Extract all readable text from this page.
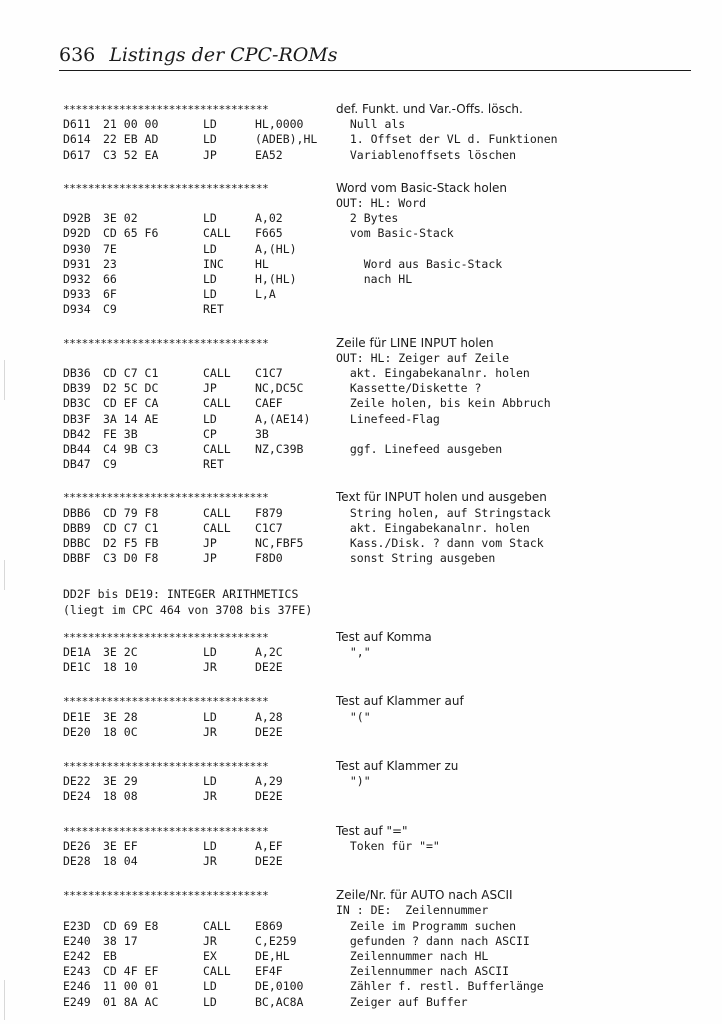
636 Listings der CPC-ROMs
*********************************	def. Funkt. und Var.-Offs. lösch.
D611 21 00 00	LD	HL,0000	Null als
D614 22 EB AD	LD	(ADEB),HL 1. Offset der VL d. Funktionen
D617 C3 52 EA	JP	EA52	Variablenoffsets löschen
*********************************	Word vom Basic-Stack holen
OUT: HL: Word
D92B 3E 02	LD	A,02	2 Bytes
D92D CD 65 F6	CALL F665	vom Basic-Stack
D930 7E	LD	A,(HL)
D931 23	INC	HL	Word aus Basic-Stack
D932 66	LD	H,(HL)	nach HL
D933 6F	LD	L,A
D934 C9	RET
*********************************	Zeile für LINE INPUT holen
OUT: HL: Zeiger auf Zeile
DB36 CD C7 C1	CALL C1C7	akt. Eingabekanalnr. holen
DB39 D2 5C DC	JP	NC,DC5C	Kassette/Diskette ?
DB3C CD EF CA	CALL CAEF	Zeile holen, bis kein Abbruch
DB3F 3A 14 AE	LD	A,(AE14) Linefeed-Flag
DB42 FE 3B	CP	3B
DB44 C4 9B C3	CALL NZ,C39B	ggf. Linefeed ausgeben
DB47 C9	RET
*********************************	Text für INPUT holen und ausgeben
DBB6 CD 79 F8	CALL F879	String holen, auf Stringstack
DBB9 CD C7 C1	CALL C1C7	akt. Eingabekanalnr. holen
DBBC D2 F5 FB	JP	NC,FBF5	Kass./Disk. ? dann vom Stack
DBBF C3 D0 F8	JP	F8D0	sonst String ausgeben
DD2F bis DE19: INTEGER ARITHMETICS
(liegt im CPC 464 von 3708 bis 37FE)
*********************************	Test auf Komma
DE1A 3E 2C	LD	A,2C	","
DE1C 18 10	JR	DE2E
*********************************	Test auf Klammer auf
DE1E 3E 28	LD	A,28	"("
DE20 18 0C	JR	DE2E
*********************************	Test auf Klammer zu
DE22 3E 29	LD	A,29	")"
DE24 18 08	JR	DE2E
*********************************	Test auf "="
DE26 3E EF	LD	A,EF	Token für "="
DE28 18 04	JR	DE2E
*********************************	Zeile/Nr. für AUTO nach ASCII
IN : DE:  Zeilennummer
E23D CD 69 E8	CALL E869	Zeile im Programm suchen
E240 38 17	JR	C,E259	gefunden ? dann nach ASCII
E242 EB	EX	DE,HL	Zeilennummer nach HL
E243 CD 4F EF	CALL EF4F	Zeilennummer nach ASCII
E246 11 00 01	LD	DE,0100	Zähler f. restl. Bufferlänge
E249 01 8A AC	LD	BC,AC8A	Zeiger auf Buffer
